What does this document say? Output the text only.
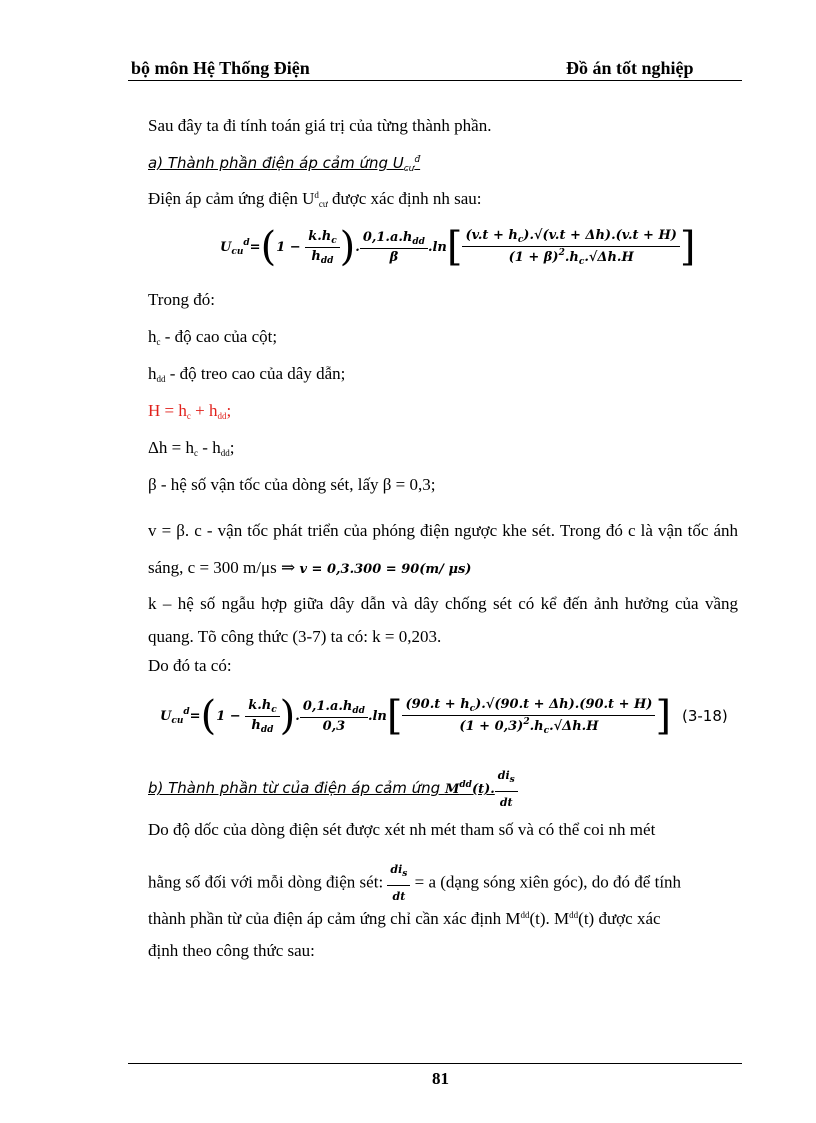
bộ môn Hệ Thống Điện	Đồ án tốt nghiệp
Sau đây ta đi tính toán giá trị của từng thành phần.
a) Thành phần điện áp cảm ứng $U_{cư}^đ$
Điện áp cảm ứng điện $U^d_{cư}$ được xác định nh sau:
$U_{cu}^d$ = ( 1 −
$\frac{k.h_c}{h_{dd}}$ ) . $\frac{0,1.a.h_{dd}}{\beta} .\ln$ [ $\frac{(v.t + h_c).√(v.t + \Delta h).(v.t + H)}{(1 + \beta)^2.h_c.√\Delta h.H}$ ]
Trong đó:
$h_c$ - độ cao của cột;
$h_{dd}$ - độ treo cao của dây dẫn;
$H = h_c + h_{dd}$;
$\Delta h = h_c - h_{dd}$;
β - hệ số vận tốc của dòng sét, lấy β = 0,3;
v = β. c - vận tốc phát triển của phóng điện ngược khe sét. Trong đó c là vận tốc ánh sáng, c = 300 m/μs ⇒ v = 0,3.300 = 90(m/ μs)
k – hệ số ngẫu hợp giữa dây dẫn và dây chống sét có kể đến ảnh hưởng của vầng quang. Tõ công thức (3-7) ta có: k = 0,203.
Do đó ta có:
$U_{cu}^d$ = ( 1 −
$\frac{k.h_c}{h_{dd}}$ ) . $\frac{0,1.a.h_{dd}}{0,3} .\ln$ [ $\frac{(90.t + h_c).√(90.t + \Delta h).(90.t + H)}{(1 + 0,3)^2.h_c.√\Delta h.H}$ ] (3-18)
b) Thành phần từ của điện áp cảm ứng $M^{dd}(t)$. $\frac{di_s}{dt}$
Do độ dốc của dòng điện sét được xét nh mét tham số và có thể coi nh mét
hằng số đối với mỗi dòng điện sét: $\frac{di_s}{dt} = a$ (dạng sóng xiên góc), do đó để tính
thành phần từ của điện áp cảm ứng chỉ cần xác định $M^{dd}(t)$. $M^{dd}(t)$ được xác
định theo công thức sau:
81
